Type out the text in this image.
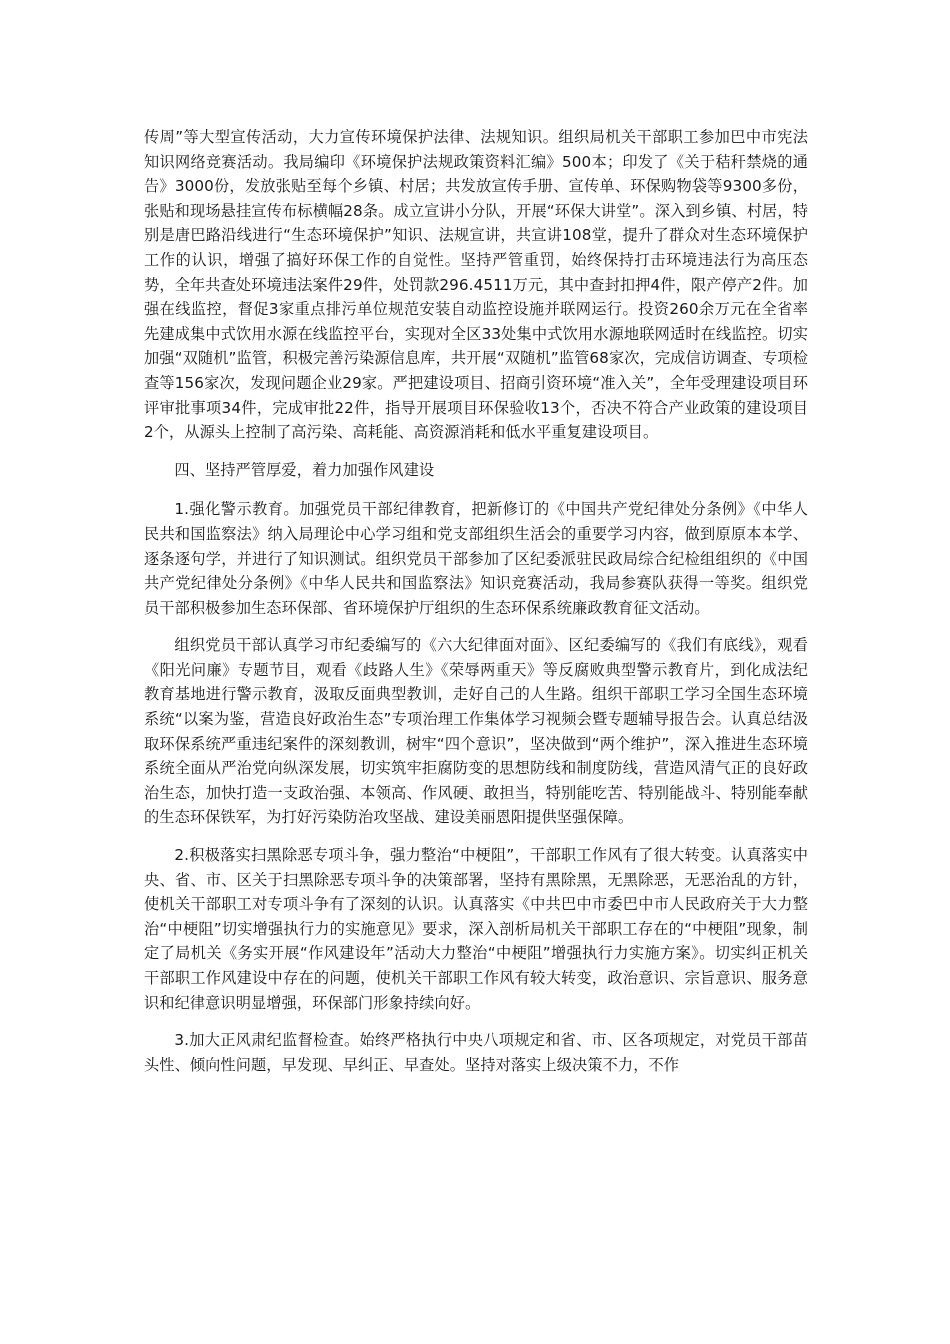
传周”等大型宣传活动，大力宣传环境保护法律、法规知识。组织局机关干部职工参加巴中市宪法知识网络竞赛活动。我局编印《环境保护法规政策资料汇编》500本；印发了《关于秸秆禁烧的通告》3000份，发放张贴至每个乡镇、村居；共发放宣传手册、宣传单、环保购物袋等9300多份，张贴和现场悬挂宣传布标横幅28条。成立宣讲小分队，开展“环保大讲堂”。深入到乡镇、村居，特别是唐巴路沿线进行“生态环境保护”知识、法规宣讲，共宣讲108堂，提升了群众对生态环境保护工作的认识，增强了搞好环保工作的自觉性。坚持严管重罚，始终保持打击环境违法行为高压态势，全年共查处环境违法案件29件，处罚款296.4511万元，其中查封扣押4件，限产停产2件。加强在线监控，督促3家重点排污单位规范安装自动监控设施并联网运行。投资260余万元在全省率先建成集中式饮用水源在线监控平台，实现对全区33处集中式饮用水源地联网适时在线监控。切实加强“双随机”监管，积极完善污染源信息库，共开展“双随机”监管68家次，完成信访调查、专项检查等156家次，发现问题企业29家。严把建设项目、招商引资环境“准入关”，全年受理建设项目环评审批事项34件，完成审批22件，指导开展项目环保验收13个，否决不符合产业政策的建设项目2个，从源头上控制了高污染、高耗能、高资源消耗和低水平重复建设项目。

四、坚持严管厚爱，着力加强作风建设

1.强化警示教育。加强党员干部纪律教育，把新修订的《中国共产党纪律处分条例》《中华人民共和国监察法》纳入局理论中心学习组和党支部组织生活会的重要学习内容，做到原原本本学、逐条逐句学，并进行了知识测试。组织党员干部参加了区纪委派驻民政局综合纪检组组织的《中国共产党纪律处分条例》《中华人民共和国监察法》知识竞赛活动，我局参赛队获得一等奖。组织党员干部积极参加生态环保部、省环境保护厅组织的生态环保系统廉政教育征文活动。

组织党员干部认真学习市纪委编写的《六大纪律面对面》、区纪委编写的《我们有底线》，观看《阳光问廉》专题节目，观看《歧路人生》《荣辱两重天》等反腐败典型警示教育片，到化成法纪教育基地进行警示教育，汲取反面典型教训，走好自己的人生路。组织干部职工学习全国生态环境系统“以案为鉴，营造良好政治生态”专项治理工作集体学习视频会暨专题辅导报告会。认真总结汲取环保系统严重违纪案件的深刻教训，树牢“四个意识”，坚决做到“两个维护”，深入推进生态环境系统全面从严治党向纵深发展，切实筑牢拒腐防变的思想防线和制度防线，营造风清气正的良好政治生态，加快打造一支政治强、本领高、作风硬、敢担当，特别能吃苦、特别能战斗、特别能奉献的生态环保铁军，为打好污染防治攻坚战、建设美丽恩阳提供坚强保障。

2.积极落实扫黑除恶专项斗争，强力整治“中梗阻”，干部职工作风有了很大转变。认真落实中央、省、市、区关于扫黑除恶专项斗争的决策部署，坚持有黑除黑，无黑除恶，无恶治乱的方针，使机关干部职工对专项斗争有了深刻的认识。认真落实《中共巴中市委巴中市人民政府关于大力整治“中梗阻”切实增强执行力的实施意见》要求，深入剖析局机关干部职工存在的“中梗阻”现象，制定了局机关《务实开展“作风建设年”活动大力整治“中梗阻”增强执行力实施方案》。切实纠正机关干部职工作风建设中存在的问题，使机关干部职工作风有较大转变，政治意识、宗旨意识、服务意识和纪律意识明显增强，环保部门形象持续向好。

3.加大正风肃纪监督检查。始终严格执行中央八项规定和省、市、区各项规定，对党员干部苗头性、倾向性问题，早发现、早纠正、早查处。坚持对落实上级决策不力，不作
